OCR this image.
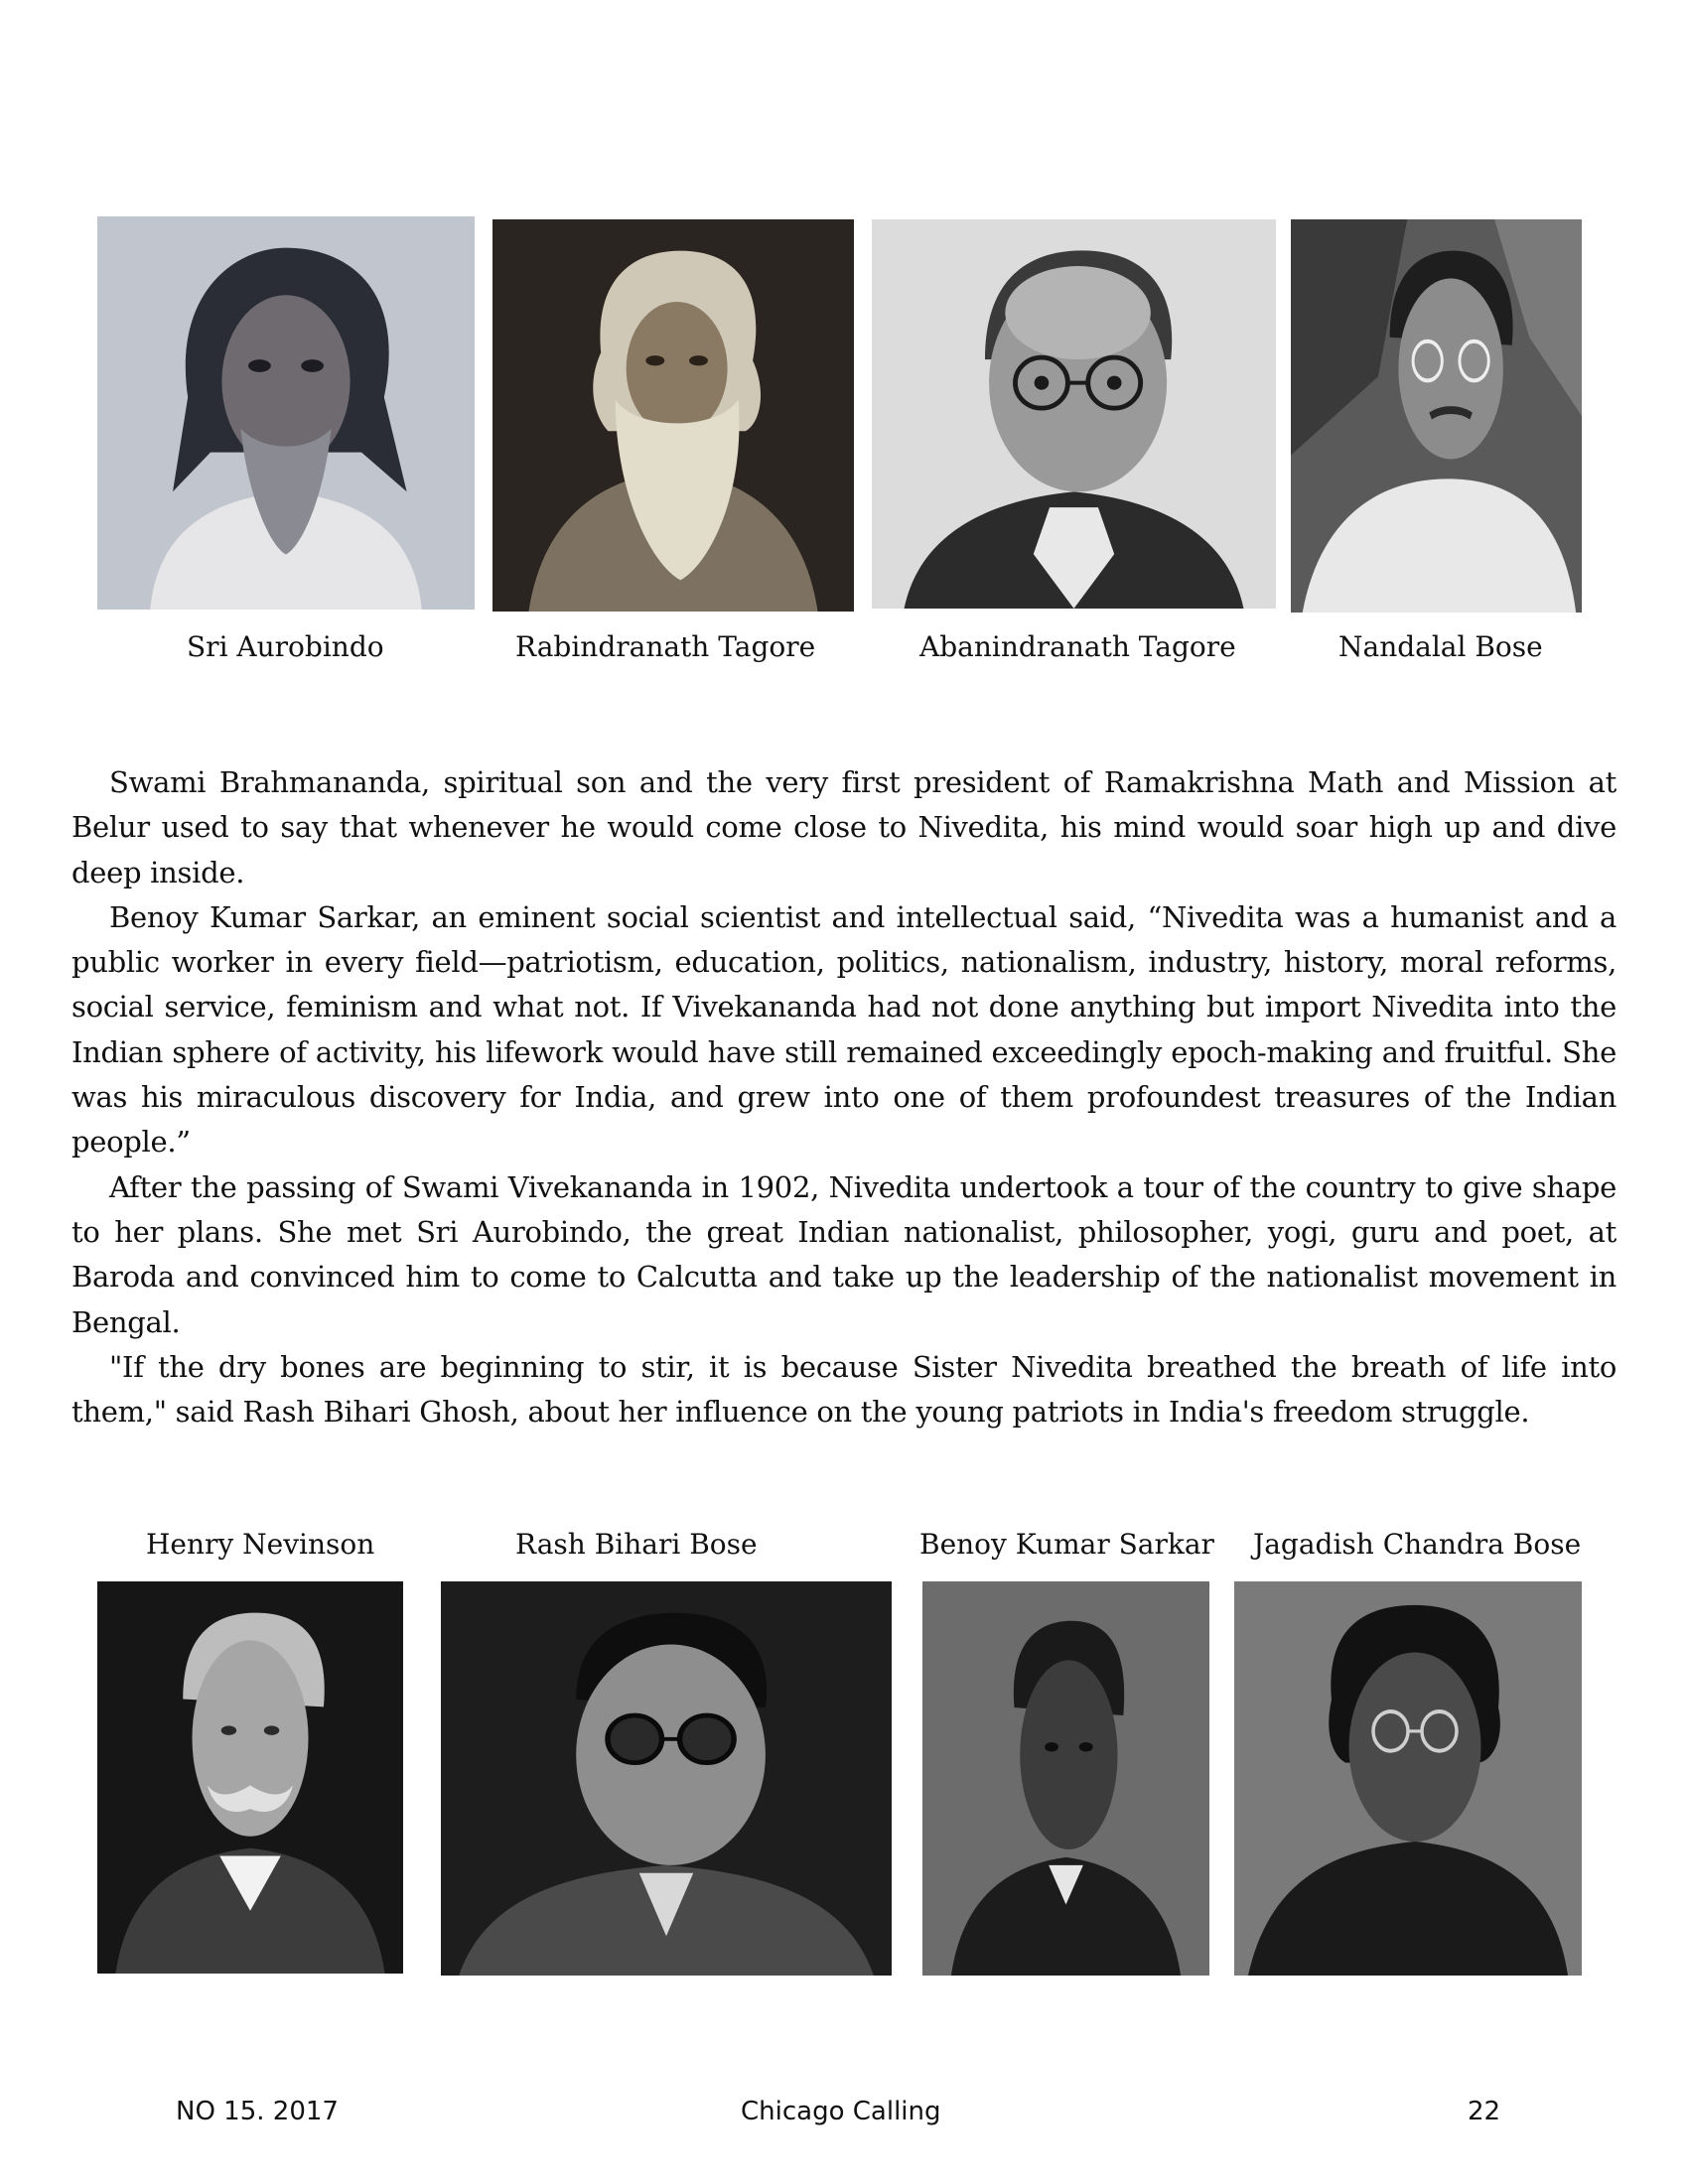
Sri Aurobindo	Rabindranath Tagore	Abanindranath Tagore	Nandalal Bose

Swami Brahmananda, spiritual son and the very first president of Ramakrishna Math and Mission at Belur used to say that whenever he would come close to Nivedita, his mind would soar high up and dive deep inside.

Benoy Kumar Sarkar, an eminent social scientist and intellectual said, “Nivedita was a humanist and a public worker in every field—patriotism, education, politics, nationalism, industry, history, moral reforms, social service, feminism and what not. If Vivekananda had not done anything but import Nivedita into the Indian sphere of activity, his lifework would have still remained exceedingly epoch-making and fruitful. She was his miraculous discovery for India, and grew into one of them profoundest treasures of the Indian people.”

After the passing of Swami Vivekananda in 1902, Nivedita undertook a tour of the country to give shape to her plans. She met Sri Aurobindo, the great Indian nationalist, philosopher, yogi, guru and poet, at Baroda and convinced him to come to Calcutta and take up the leadership of the nationalist movement in Bengal.

"If the dry bones are beginning to stir, it is because Sister Nivedita breathed the breath of life into them," said Rash Bihari Ghosh, about her influence on the young patriots in India's freedom struggle.

Henry Nevinson	Rash Bihari Bose	Benoy Kumar Sarkar Jagadish Chandra Bose
NO 15. 2017	Chicago Calling	22
